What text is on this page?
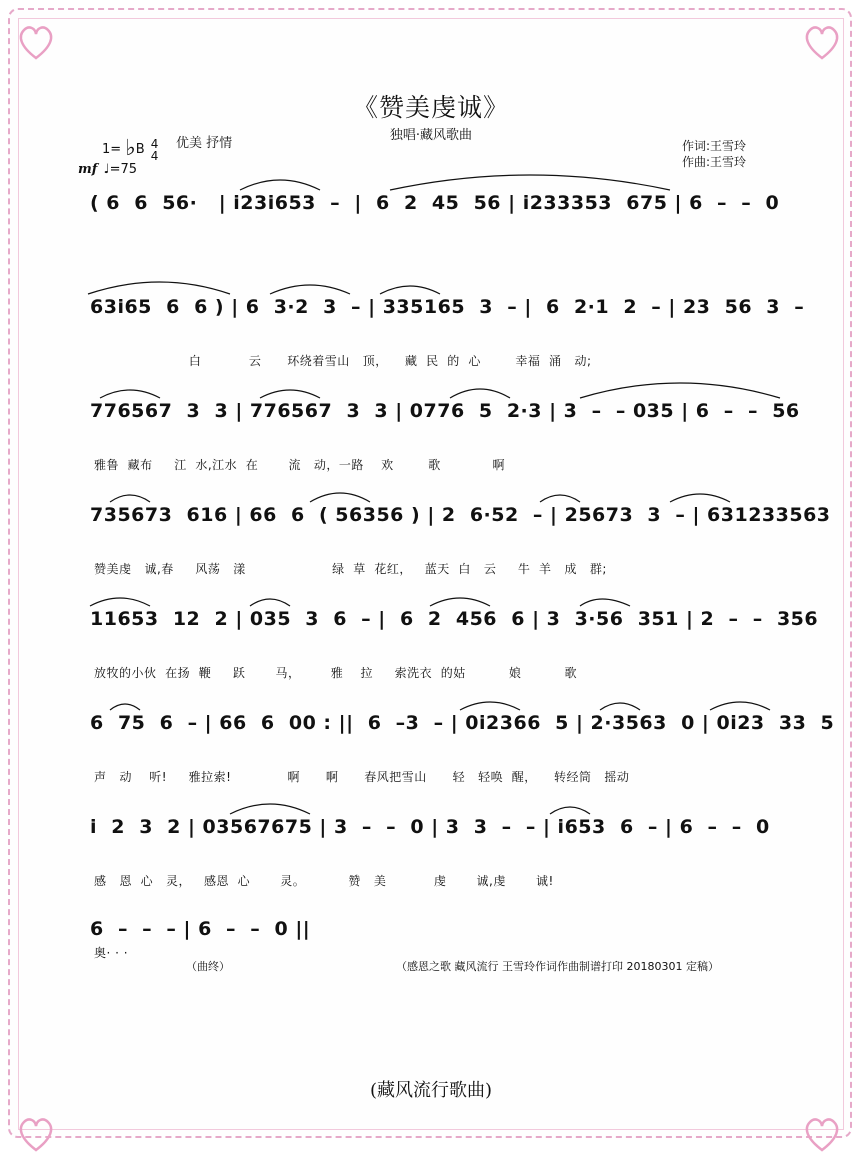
《赞美虔诚》
独唱·藏风歌曲
1= ♭B 4
4
优美 抒情
mf ♩=75
作词:王雪玲
作曲:王雪玲
( 6  6  56·   | i23i653  –  |  6  2  45  56 | i233353  675 | 6  –  –  0
63i65  6  6 ) | 6  3·2  3  – | 335165  3  – |  6  2·1  2  – | 23  56  3  –
白           云      环绕着雪山   顶，    藏  民  的  心        幸福  涌   动;
776567  3  3 | 776567  3  3 | 0776  5  2·3 | 3  –  – 035 | 6  –  –  56
雅鲁  藏布     江  水,江水  在       流   动，一路    欢        歌            啊
735673  616 | 66  6  ( 56356 ) | 2  6·52  – | 25673  3  – | 631233563
赞美虔   诚,春     风荡   漾                    绿  草  花红，   蓝天  白   云     牛  羊   成   群;
11653  12  2 | 035  3  6  – |  6  2  456  6 | 3  3·56  351 | 2  –  –  356
放牧的小伙  在扬  鞭     跃       马，       雅    拉     索洗衣  的姑          娘          歌
6  75  6  – | 66  6  00 : ||  6  –3  – | 0i2366  5 | 2·3563  0 | 0i23  33  5
声   动    听!     雅拉索!             啊      啊      春风把雪山      轻   轻唤  醒，    转经筒   摇动
i  2  3  2 | 03567675 | 3  –  –  0 | 3  3  –  – | i653  6  – | 6  –  –  0
感   恩  心   灵，   感恩  心       灵。          赞   美           虔       诚,虔       诚!
6  –  –  – | 6  –  –  0 ||
奥· · ·
（曲终）	（感恩之歌 藏风流行 王雪玲作词作曲制谱打印 20180301 定稿）
(藏风流行歌曲)
